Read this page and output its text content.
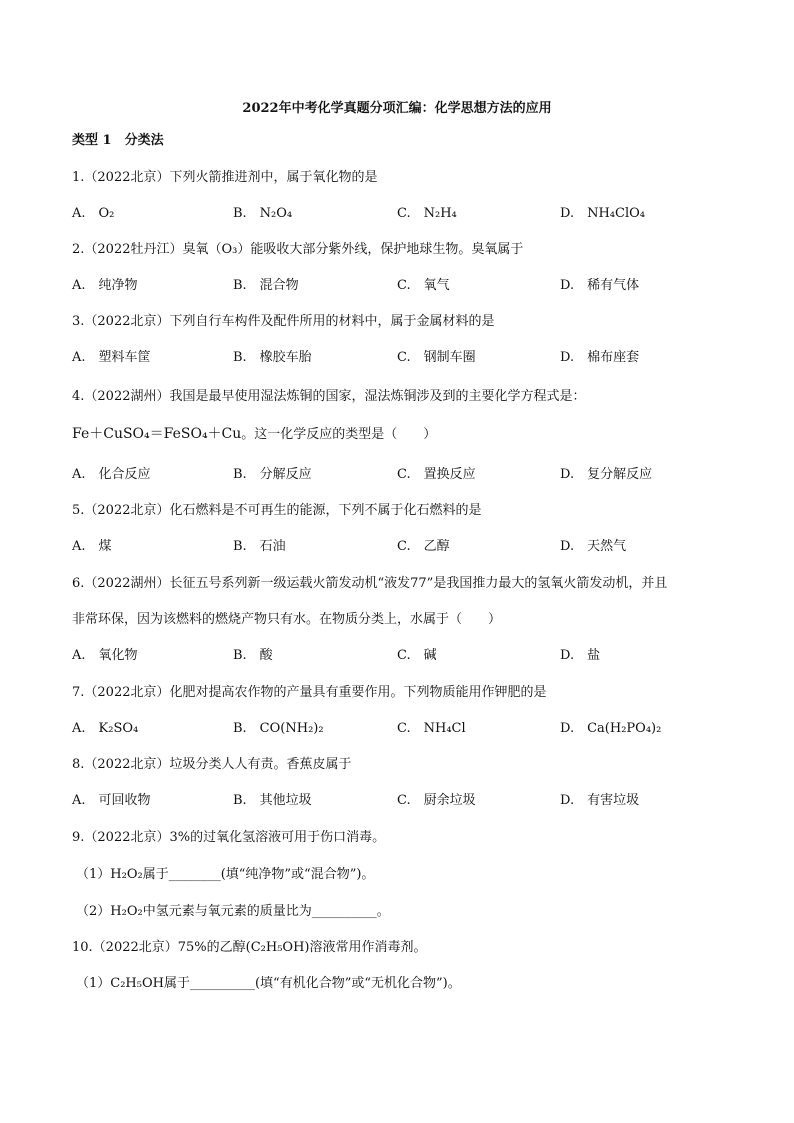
2022年中考化学真题分项汇编：化学思想方法的应用
类型 1　分类法
1.（2022北京）下列火箭推进剂中，属于氧化物的是
A.　O₂	B.　N₂O₄	C.　N₂H₄	D.　NH₄ClO₄
2.（2022牡丹江）臭氧（O₃）能吸收大部分紫外线，保护地球生物。臭氧属于
A.　纯净物	B.　混合物	C.　氧气	D.　稀有气体
3.（2022北京）下列自行车构件及配件所用的材料中，属于金属材料的是
A.　塑料车筐	B.　橡胶车胎	C.　钢制车圈	D.　棉布座套
4.（2022湖州）我国是最早使用湿法炼铜的国家，湿法炼铜涉及到的主要化学方程式是：
Fe＋CuSO₄＝FeSO₄＋Cu。这一化学反应的类型是（　　）
A.　化合反应	B.　分解反应	C.　置换反应	D.　复分解反应
5.（2022北京）化石燃料是不可再生的能源，下列不属于化石燃料的是
A.　煤	B.　石油	C.　乙醇	D.　天然气
6.（2022湖州）长征五号系列新一级运载火箭发动机“液发77”是我国推力最大的氢氧火箭发动机，并且
非常环保，因为该燃料的燃烧产物只有水。在物质分类上，水属于（　　）
A.　氧化物	B.　酸	C.　碱	D.　盐
7.（2022北京）化肥对提高农作物的产量具有重要作用。下列物质能用作钾肥的是
A.　K₂SO₄	B.　CO(NH₂)₂	C.　NH₄Cl	D.　Ca(H₂PO₄)₂
8.（2022北京）垃圾分类人人有责。香蕉皮属于
A.　可回收物	B.　其他垃圾	C.　厨余垃圾	D.　有害垃圾
9.（2022北京）3%的过氧化氢溶液可用于伤口消毒。
（1）H₂O₂属于________(填“纯净物”或“混合物”)。
（2）H₂O₂中氢元素与氧元素的质量比为__________。
10.（2022北京）75%的乙醇(C₂H₅OH)溶液常用作消毒剂。
（1）C₂H₅OH属于__________(填“有机化合物”或“无机化合物”)。
